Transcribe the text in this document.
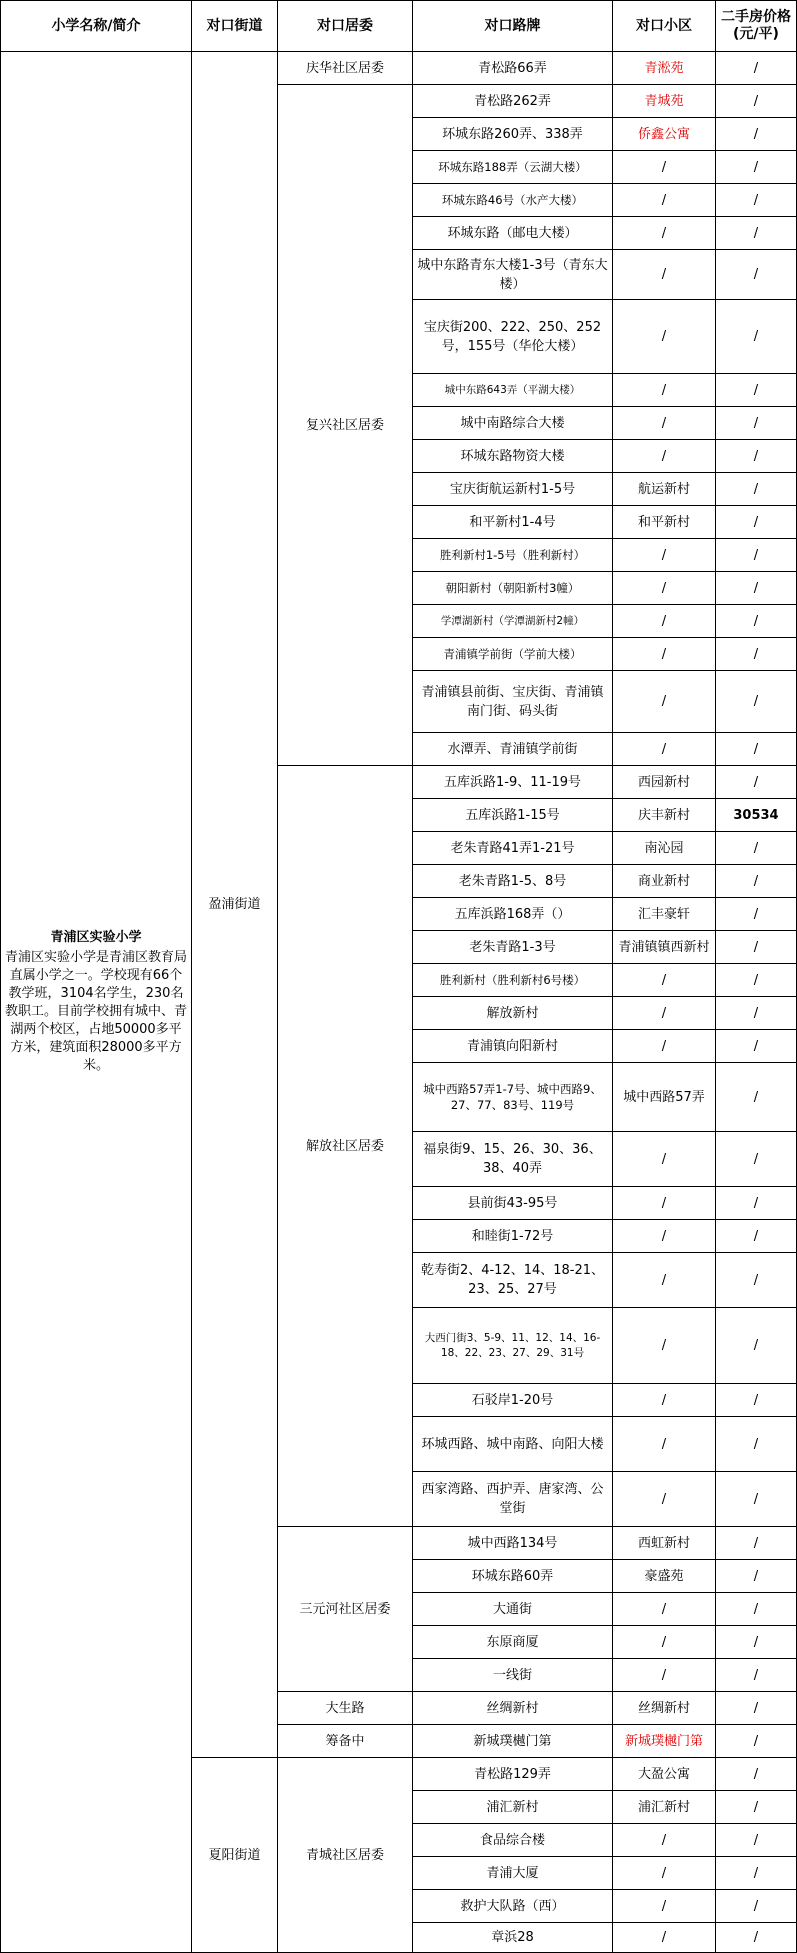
小学名称/简介	对口街道	对口居委	对口路牌	对口小区	二手房价格(元/平)

青浦区实验小学
青浦区实验小学是青浦区教育局直属小学之一。学校现有66个教学班，3104名学生，230名教职工。目前学校拥有城中、青湖两个校区，占地50000多平方米，建筑面积28000多平方米。	盈浦街道	庆华社区居委	青松路66弄	青淞苑	/
		复兴社区居委	青松路262弄	青城苑	/
			环城东路260弄、338弄	侨鑫公寓	/
			环城东路188弄（云湖大楼）	/	/
			环城东路46号（水产大楼）	/	/
			环城东路（邮电大楼）	/	/
			城中东路青东大楼1-3号（青东大楼）	/	/
			宝庆街200、222、250、252号，155号（华伦大楼）	/	/
			城中东路643弄（平湖大楼）	/	/
			城中南路综合大楼	/	/
			环城东路物资大楼	/	/
			宝庆街航运新村1-5号	航运新村	/
			和平新村1-4号	和平新村	/
			胜利新村1-5号（胜利新村）	/	/
			朝阳新村（朝阳新村3幢）	/	/
			学潭湖新村（学潭湖新村2幢）	/	/
			青浦镇学前街（学前大楼）	/	/
			青浦镇县前街、宝庆街、青浦镇南门街、码头街	/	/
			水潭弄、青浦镇学前街	/	/
		解放社区居委	五库浜路1-9、11-19号	西园新村	/
			五库浜路1-15号	庆丰新村	30534
			老朱青路41弄1-21号	南沁园	/
			老朱青路1-5、8号	商业新村	/
			五库浜路168弄（）	汇丰豪轩	/
			老朱青路1-3号	青浦镇镇西新村	/
			胜利新村（胜利新村6号楼）	/	/
			解放新村	/	/
			青浦镇向阳新村	/	/
			城中西路57弄1-7号、城中西路9、27、77、83号、119号	城中西路57弄	/
			福泉街9、15、26、30、36、38、40弄	/	/
			县前街43-95号	/	/
			和睦街1-72号	/	/
			乾寿街2、4-12、14、18-21、23、25、27号	/	/
			大西门街3、5-9、11、12、14、16-18、22、23、27、29、31号	/	/
			石驳岸1-20号	/	/
			环城西路、城中南路、向阳大楼	/	/
			西家湾路、西护弄、唐家湾、公堂街	/	/
		三元河社区居委	城中西路134号	西虹新村	/
			环城东路60弄	豪盛苑	/
			大通街	/	/
			东原商厦	/	/
			一线街	/	/
		大生路	丝绸新村	丝绸新村	/
		筹备中	新城璞樾门第	新城璞樾门第	/
	夏阳街道	青城社区居委	青松路129弄	大盈公寓	/
			浦汇新村	浦汇新村	/
			食品综合楼	/	/
			青浦大厦	/	/
			救护大队路（西）	/	/
			章浜28	/	/
